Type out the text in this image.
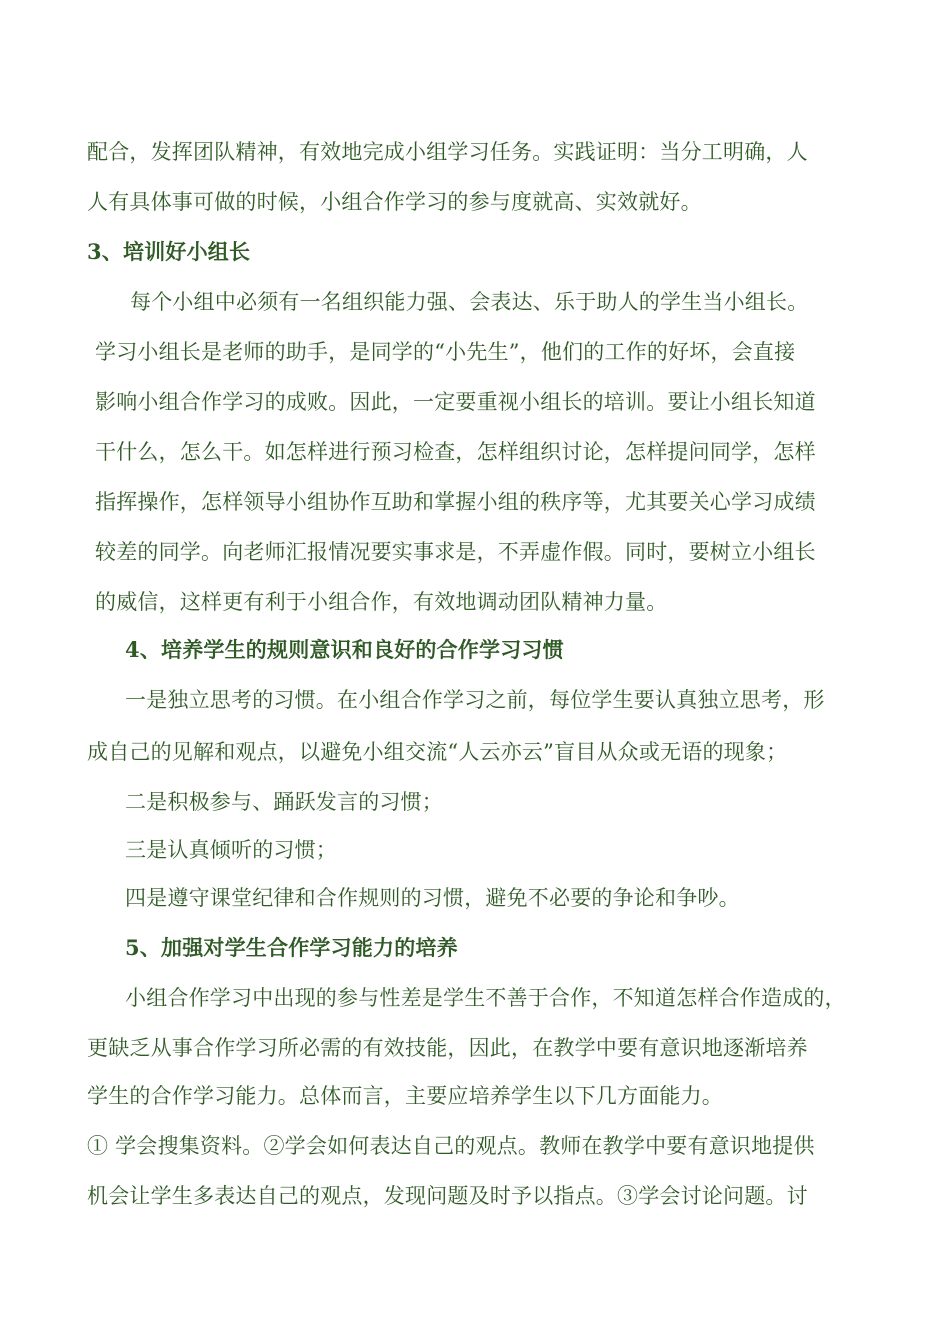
配合，发挥团队精神，有效地完成小组学习任务。实践证明：当分工明确，人
人有具体事可做的时候，小组合作学习的参与度就高、实效就好。
3、培训好小组长
每个小组中必须有一名组织能力强、会表达、乐于助人的学生当小组长。
学习小组长是老师的助手，是同学的“小先生”，他们的工作的好坏，会直接
影响小组合作学习的成败。因此，一定要重视小组长的培训。要让小组长知道
干什么，怎么干。如怎样进行预习检查，怎样组织讨论，怎样提问同学，怎样
指挥操作，怎样领导小组协作互助和掌握小组的秩序等，尤其要关心学习成绩
较差的同学。向老师汇报情况要实事求是，不弄虚作假。同时，要树立小组长
的威信，这样更有利于小组合作，有效地调动团队精神力量。
4、培养学生的规则意识和良好的合作学习习惯
一是独立思考的习惯。在小组合作学习之前，每位学生要认真独立思考，形
成自己的见解和观点，以避免小组交流“人云亦云”盲目从众或无语的现象；
二是积极参与、踊跃发言的习惯；
三是认真倾听的习惯；
四是遵守课堂纪律和合作规则的习惯，避免不必要的争论和争吵。
5、加强对学生合作学习能力的培养
小组合作学习中出现的参与性差是学生不善于合作，不知道怎样合作造成的，
更缺乏从事合作学习所必需的有效技能，因此，在教学中要有意识地逐渐培养
学生的合作学习能力。总体而言，主要应培养学生以下几方面能力。
① 学会搜集资料。②学会如何表达自己的观点。教师在教学中要有意识地提供
机会让学生多表达自己的观点，发现问题及时予以指点。③学会讨论问题。讨
